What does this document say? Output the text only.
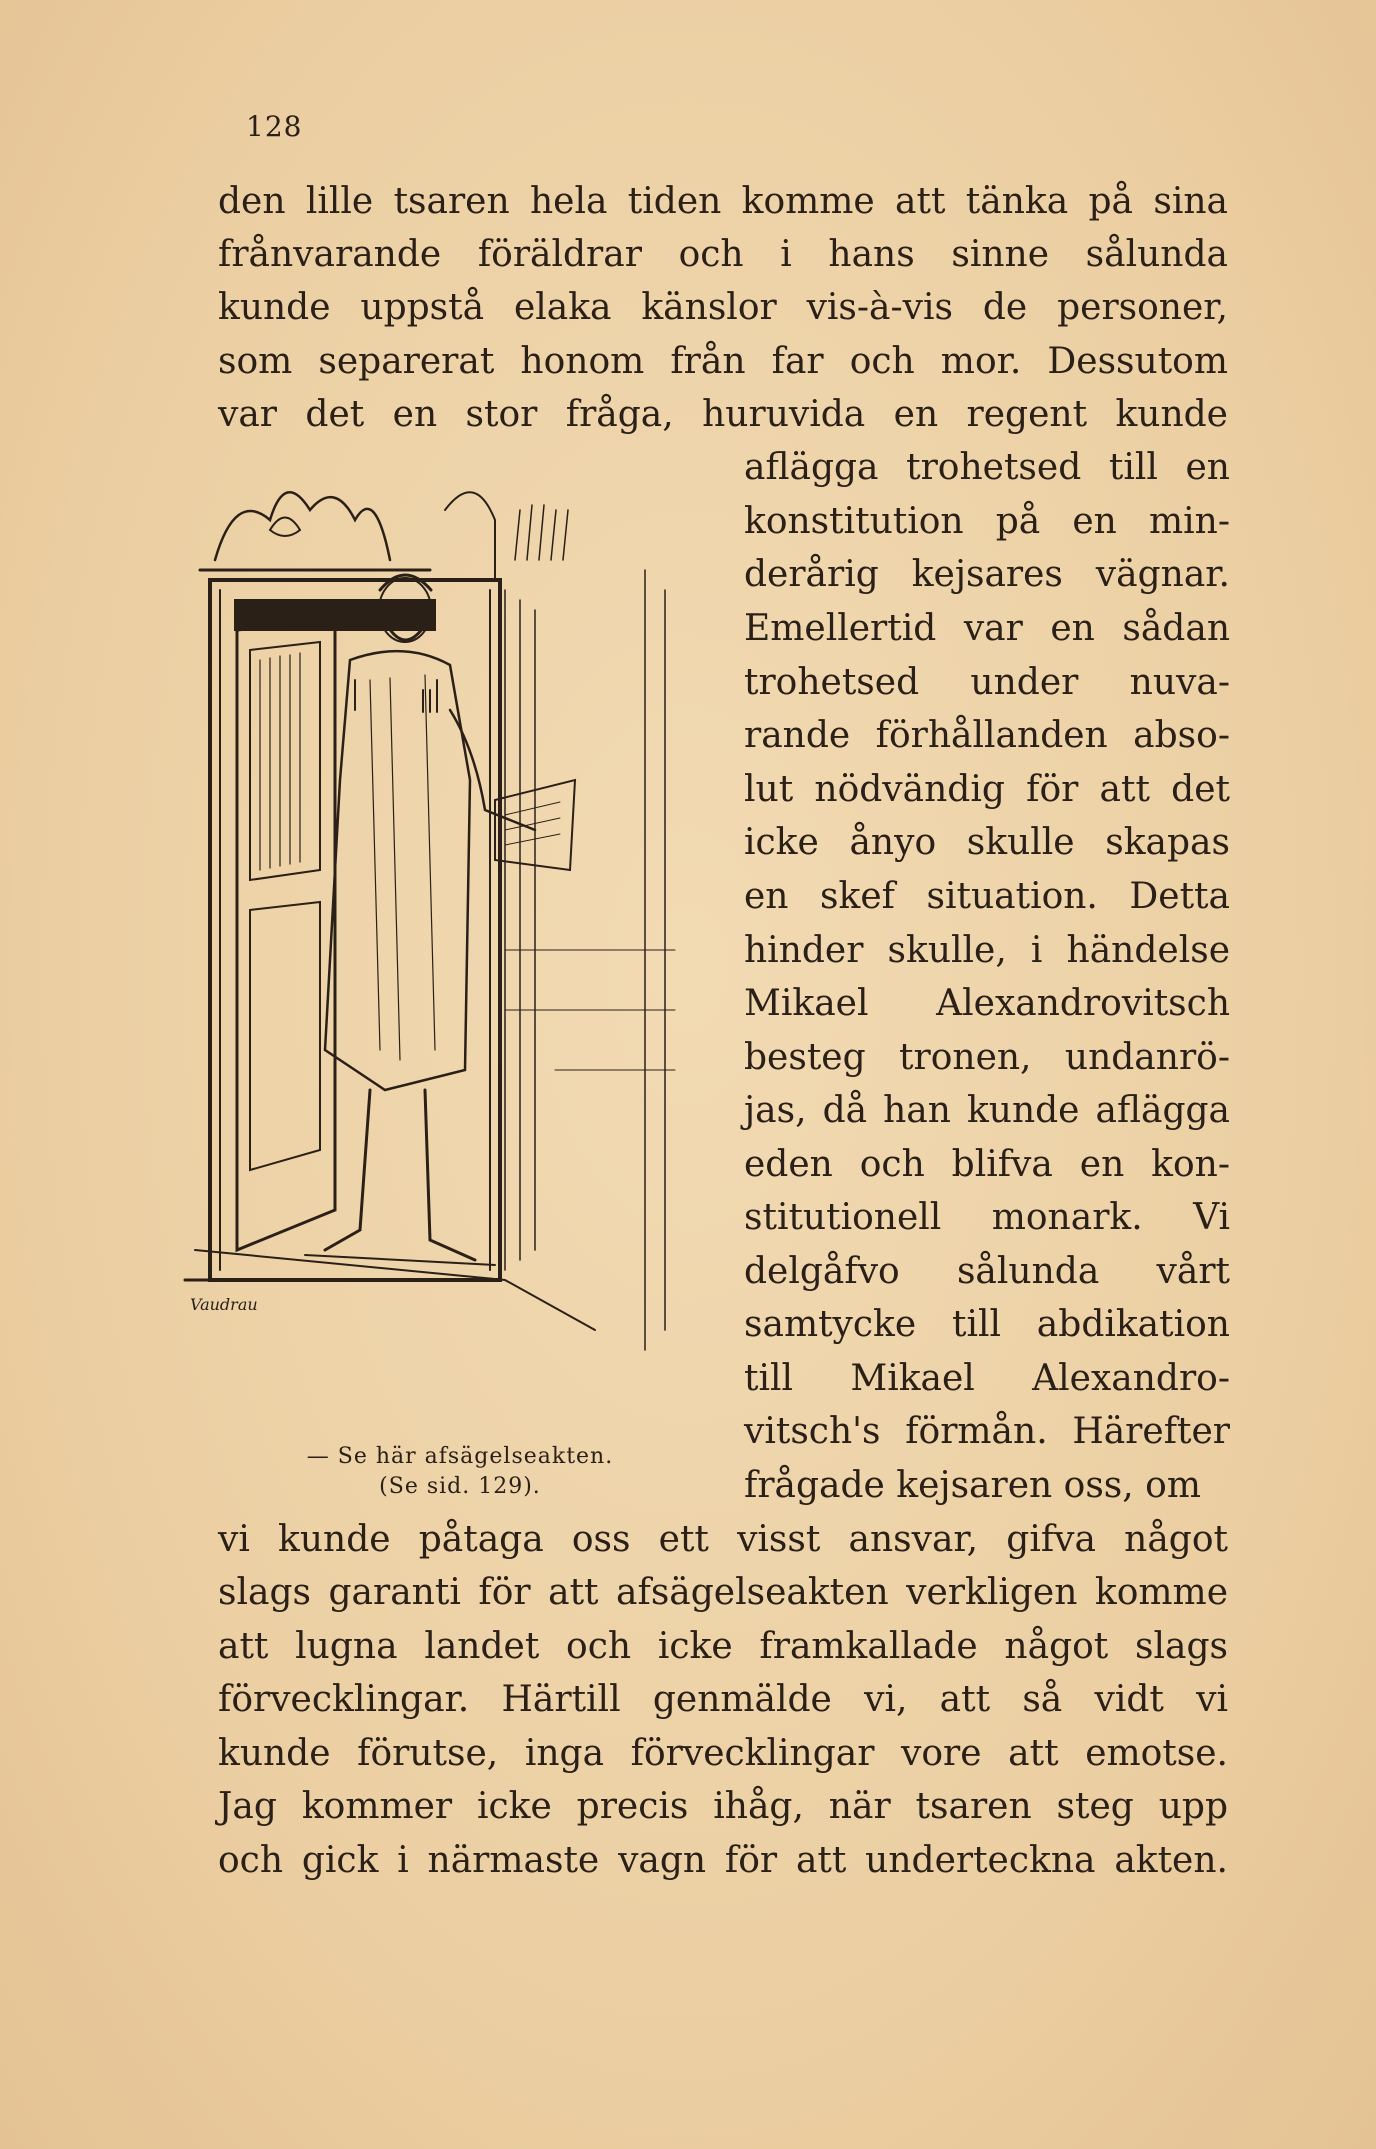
128
den lille tsaren hela tiden komme att tänka på sina
frånvarande föräldrar och i hans sinne sålunda
kunde uppstå elaka känslor vis-à-vis de personer,
som separerat honom från far och mor. Dessutom
var det en stor fråga, huruvida en regent kunde
aflägga trohetsed till en
konstitution på en min-
derårig kejsares vägnar.
Emellertid var en sådan
trohetsed under nuva-
rande förhållanden abso-
lut nödvändig för att det
icke ånyo skulle skapas
en skef situation. Detta
hinder skulle, i händelse
Mikael Alexandrovitsch
besteg tronen, undanrö-
jas, då han kunde aflägga
eden och blifva en kon-
stitutionell monark. Vi
delgåfvo sålunda vårt
samtycke till abdikation
till Mikael Alexandro-
vitsch's förmån. Härefter
frågade kejsaren oss, om
Vaudrau
— Se här afsägelseakten.
(Se sid. 129).
vi kunde påtaga oss ett visst ansvar, gifva något
slags garanti för att afsägelseakten verkligen komme
att lugna landet och icke framkallade något slags
förvecklingar. Härtill genmälde vi, att så vidt vi
kunde förutse, inga förvecklingar vore att emotse.
Jag kommer icke precis ihåg, när tsaren steg upp
och gick i närmaste vagn för att underteckna akten.
